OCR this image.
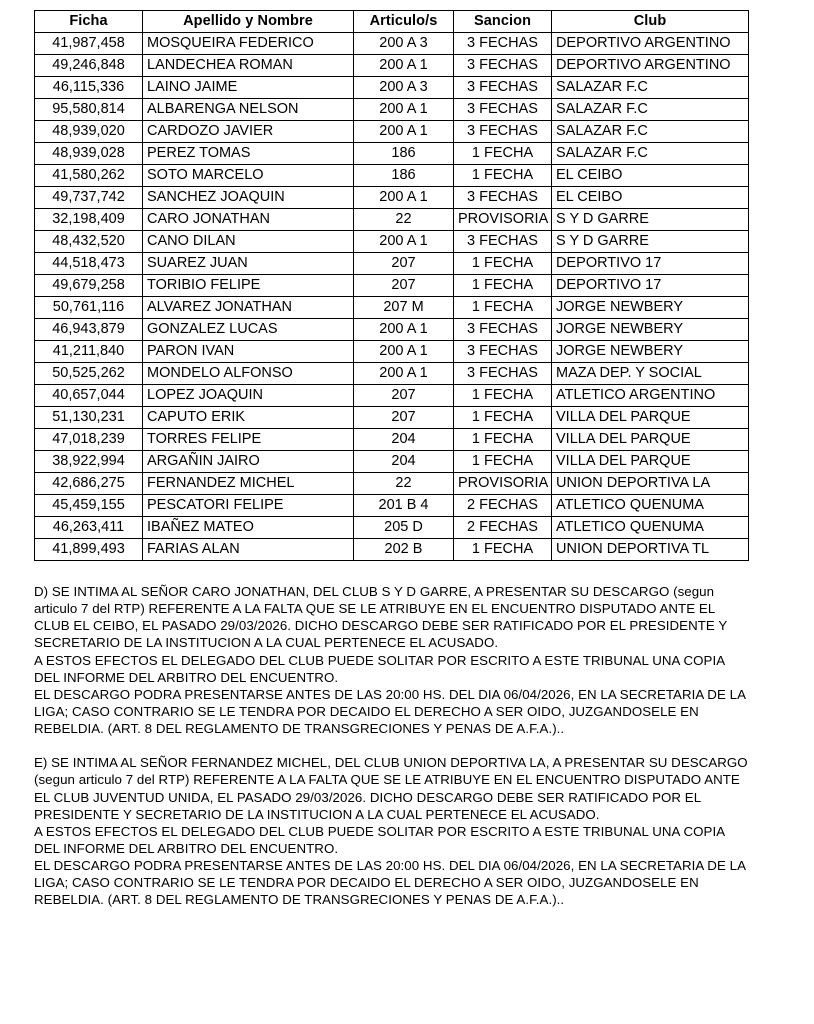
Ficha	Apellido y Nombre	Articulo/s	Sancion	Club
41,987,458	MOSQUEIRA FEDERICO	200 A 3	3 FECHAS	DEPORTIVO ARGENTINO
49,246,848	LANDECHEA ROMAN	200 A 1	3 FECHAS	DEPORTIVO ARGENTINO
46,115,336	LAINO JAIME	200 A 3	3 FECHAS	SALAZAR F.C
95,580,814	ALBARENGA NELSON	200 A 1	3 FECHAS	SALAZAR F.C
48,939,020	CARDOZO JAVIER	200 A 1	3 FECHAS	SALAZAR F.C
48,939,028	PEREZ TOMAS	186	1 FECHA	SALAZAR F.C
41,580,262	SOTO MARCELO	186	1 FECHA	EL CEIBO
49,737,742	SANCHEZ JOAQUIN	200 A 1	3 FECHAS	EL CEIBO
32,198,409	CARO JONATHAN	22	PROVISORIA	S Y D GARRE
48,432,520	CANO DILAN	200 A 1	3 FECHAS	S Y D GARRE
44,518,473	SUAREZ JUAN	207	1 FECHA	DEPORTIVO 17
49,679,258	TORIBIO FELIPE	207	1 FECHA	DEPORTIVO 17
50,761,116	ALVAREZ JONATHAN	207 M	1 FECHA	JORGE NEWBERY
46,943,879	GONZALEZ LUCAS	200 A 1	3 FECHAS	JORGE NEWBERY
41,211,840	PARON IVAN	200 A 1	3 FECHAS	JORGE NEWBERY
50,525,262	MONDELO ALFONSO	200 A 1	3 FECHAS	MAZA DEP. Y SOCIAL
40,657,044	LOPEZ JOAQUIN	207	1 FECHA	ATLETICO ARGENTINO
51,130,231	CAPUTO ERIK	207	1 FECHA	VILLA DEL PARQUE
47,018,239	TORRES FELIPE	204	1 FECHA	VILLA DEL PARQUE
38,922,994	ARGAÑIN JAIRO	204	1 FECHA	VILLA DEL PARQUE
42,686,275	FERNANDEZ MICHEL	22	PROVISORIA	UNION DEPORTIVA LA
45,459,155	PESCATORI FELIPE	201 B 4	2 FECHAS	ATLETICO QUENUMA
46,263,411	IBAÑEZ MATEO	205 D	2 FECHAS	ATLETICO QUENUMA
41,899,493	FARIAS ALAN	202 B	1 FECHA	UNION DEPORTIVA TL
D) SE INTIMA AL SEÑOR CARO JONATHAN, DEL CLUB S Y D GARRE, A PRESENTAR SU DESCARGO (segun articulo 7 del RTP) REFERENTE A LA FALTA QUE SE LE ATRIBUYE EN EL ENCUENTRO DISPUTADO ANTE EL CLUB EL CEIBO, EL PASADO 29/03/2026. DICHO DESCARGO DEBE SER RATIFICADO POR EL PRESIDENTE Y SECRETARIO DE LA INSTITUCION A LA CUAL PERTENECE EL ACUSADO.
A ESTOS EFECTOS EL DELEGADO DEL CLUB PUEDE SOLITAR POR ESCRITO A ESTE TRIBUNAL UNA COPIA DEL INFORME DEL ARBITRO DEL ENCUENTRO.
EL DESCARGO PODRA PRESENTARSE ANTES DE LAS 20:00 HS. DEL DIA 06/04/2026, EN LA SECRETARIA DE LA LIGA; CASO CONTRARIO SE LE TENDRA POR DECAIDO EL DERECHO A SER OIDO, JUZGANDOSELE EN REBELDIA. (ART. 8 DEL REGLAMENTO DE TRANSGRECIONES Y PENAS DE A.F.A.)..
E) SE INTIMA AL SEÑOR FERNANDEZ MICHEL, DEL CLUB UNION DEPORTIVA LA, A PRESENTAR SU DESCARGO (segun articulo 7 del RTP) REFERENTE A LA FALTA QUE SE LE ATRIBUYE EN EL ENCUENTRO DISPUTADO ANTE EL CLUB JUVENTUD UNIDA, EL PASADO 29/03/2026. DICHO DESCARGO DEBE SER RATIFICADO POR EL PRESIDENTE Y SECRETARIO DE LA INSTITUCION A LA CUAL PERTENECE EL ACUSADO.
A ESTOS EFECTOS EL DELEGADO DEL CLUB PUEDE SOLITAR POR ESCRITO A ESTE TRIBUNAL UNA COPIA DEL INFORME DEL ARBITRO DEL ENCUENTRO.
EL DESCARGO PODRA PRESENTARSE ANTES DE LAS 20:00 HS. DEL DIA 06/04/2026, EN LA SECRETARIA DE LA LIGA; CASO CONTRARIO SE LE TENDRA POR DECAIDO EL DERECHO A SER OIDO, JUZGANDOSELE EN REBELDIA. (ART. 8 DEL REGLAMENTO DE TRANSGRECIONES Y PENAS DE A.F.A.)..
